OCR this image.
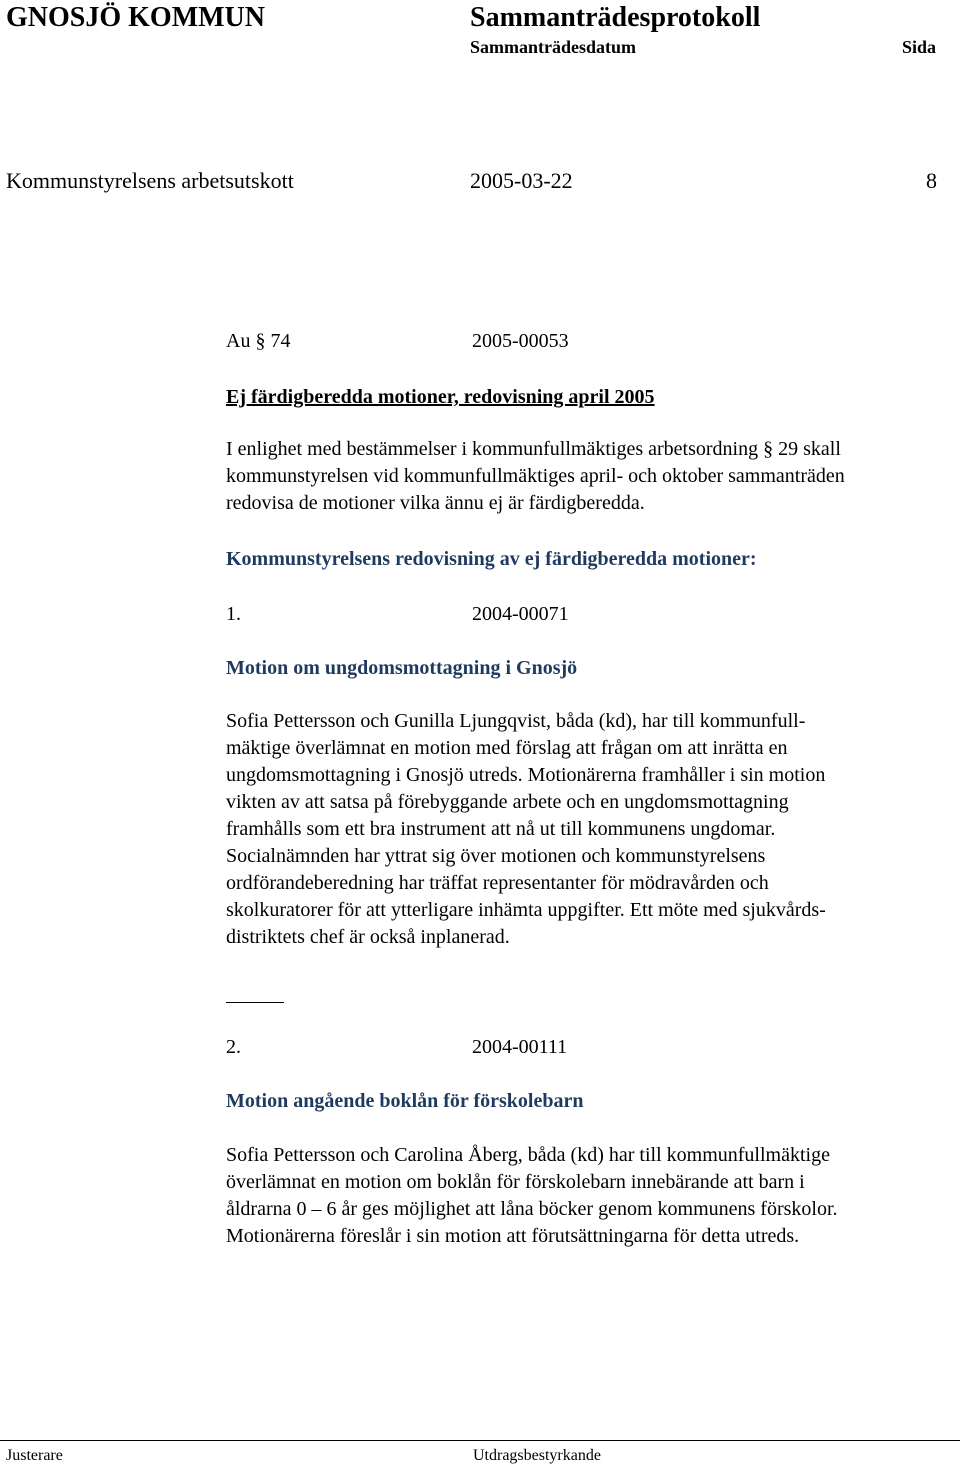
GNOSJÖ KOMMUN	Sammanträdesprotokoll
Sammanträdesdatum	Sida
Kommunstyrelsens arbetsutskott	2005-03-22	8
Au § 74	2005-00053
Ej färdigberedda motioner, redovisning april 2005
I enlighet med bestämmelser i kommunfullmäktiges arbetsordning § 29 skall
kommunstyrelsen vid kommunfullmäktiges april- och oktober sammanträden
redovisa de motioner vilka ännu ej är färdigberedda.
Kommunstyrelsens redovisning av ej färdigberedda motioner:
1.	2004-00071
Motion om ungdomsmottagning i Gnosjö
Sofia Pettersson och Gunilla Ljungqvist, båda (kd), har till kommunfull-
mäktige överlämnat en motion med förslag att frågan om att inrätta en
ungdomsmottagning i Gnosjö utreds. Motionärerna framhåller i sin motion
vikten av att satsa på förebyggande arbete och en ungdomsmottagning
framhålls som ett bra instrument att nå ut till kommunens ungdomar.
Socialnämnden har yttrat sig över motionen och kommunstyrelsens
ordförandeberedning har träffat representanter för mödravården och
skolkuratorer för att ytterligare inhämta uppgifter. Ett möte med sjukvårds-
distriktets chef är också inplanerad.
2.	2004-00111
Motion angående boklån för förskolebarn
Sofia Pettersson och Carolina Åberg, båda (kd) har till kommunfullmäktige
överlämnat en motion om boklån för förskolebarn innebärande att barn i
åldrarna 0 – 6 år ges möjlighet att låna böcker genom kommunens förskolor.
Motionärerna föreslår i sin motion att förutsättningarna för detta utreds.
Justerare	Utdragsbestyrkande
